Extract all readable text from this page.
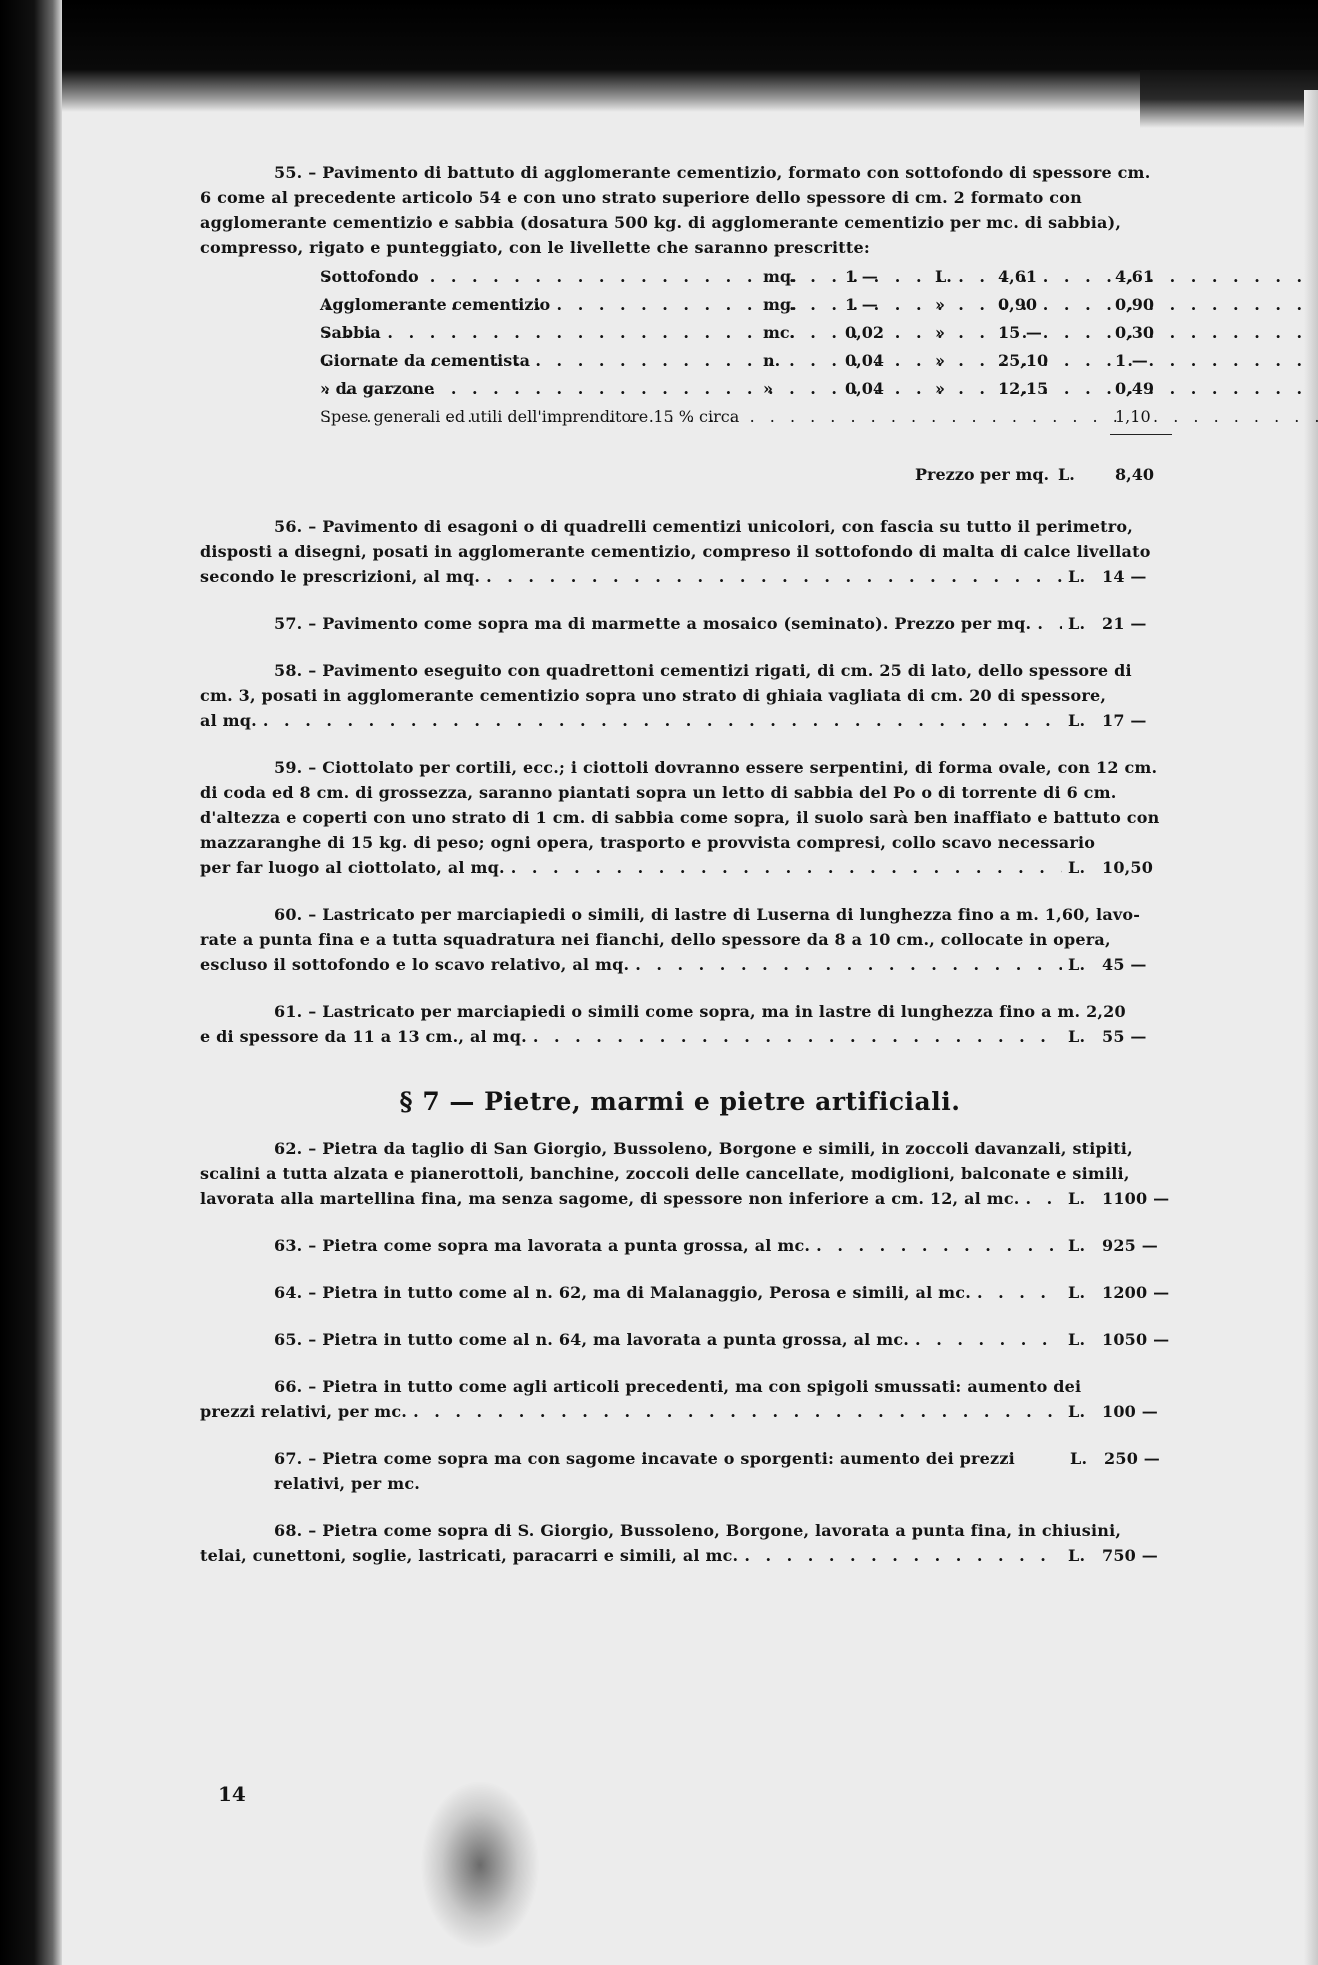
55. – Pavimento di battuto di agglomerante cementizio, formato con sottofondo di spessore cm. 6 come al precedente articolo 54 e con uno strato superiore dello spessore di cm. 2 formato con agglomerante cementizio e sabbia (dosatura 500 kg. di agglomerante cementizio per mc. di sabbia), compresso, rigato e punteggiato, con le livellette che saranno prescritte:

Sottofondo . . .	mq.	1 —	L.	4,61	4,61
Agglomerante cementizio . . .	mg.	1 —	»	0,90	0,90
Sabbia . . .	mc.	0,02	»	15 —	0,30
Giornate da cementista . . .	n.	0,04	»	25,10	1 —
» da garzone . . .	»	0,04	»	12,15	0,49
Spese generali ed utili dell'imprenditore 15 % circa . . .	1,10
Prezzo per mq. L.	8,40

56. – Pavimento di esagoni o di quadrelli cementizi unicolori, con fascia su tutto il perimetro, disposti a disegni, posati in agglomerante cementizio, compreso il sottofondo di malta di calce livellato
secondo le prescrizioni, al mq. . . .	L. 14 —

57. – Pavimento come sopra ma di marmette a mosaico (seminato). Prezzo per mq. . . . L. 21 —

58. – Pavimento eseguito con quadrettoni cementizi rigati, di cm. 25 di lato, dello spessore di cm. 3, posati in agglomerante cementizio sopra uno strato di ghiaia vagliata di cm. 20 di spessore,
al mq. . . .	L. 17 —

59. – Ciottolato per cortili, ecc.; i ciottoli dovranno essere serpentini, di forma ovale, con 12 cm. di coda ed 8 cm. di grossezza, saranno piantati sopra un letto di sabbia del Po o di torrente di 6 cm. d'altezza e coperti con uno strato di 1 cm. di sabbia come sopra, il suolo sarà ben inaffiato e battuto con mazzaranghe di 15 kg. di peso; ogni opera, trasporto e provvista compresi, collo scavo necessario
per far luogo al ciottolato, al mq. . . .	L. 10,50

60. – Lastricato per marciapiedi o simili, di lastre di Luserna di lunghezza fino a m. 1,60, lavo- rate a punta fina e a tutta squadratura nei fianchi, dello spessore da 8 a 10 cm., collocate in opera,
escluso il sottofondo e lo scavo relativo, al mq. . . .	L. 45 —

61. – Lastricato per marciapiedi o simili come sopra, ma in lastre di lunghezza fino a m. 2,20
e di spessore da 11 a 13 cm., al mq. . . .	L. 55 —

§ 7 — Pietre, marmi e pietre artificiali.

62. – Pietra da taglio di San Giorgio, Bussoleno, Borgone e simili, in zoccoli davanzali, stipiti, scalini a tutta alzata e pianerottoli, banchine, zoccoli delle cancellate, modiglioni, balconate e simili,
lavorata alla martellina fina, ma senza sagome, di spessore non inferiore a cm. 12, al mc. . . .	L. 1100 —

63. – Pietra come sopra ma lavorata a punta grossa, al mc. . . .	L. 925 —

64. – Pietra in tutto come al n. 62, ma di Malanaggio, Perosa e simili, al mc. . . .	L. 1200 —

65. – Pietra in tutto come al n. 64, ma lavorata a punta grossa, al mc. . . .	L. 1050 —

66. – Pietra in tutto come agli articoli precedenti, ma con spigoli smussati: aumento dei
prezzi relativi, per mc. . . .	L. 100 —

67. – Pietra come sopra ma con sagome incavate o sporgenti: aumento dei prezzi relativi, per mc.
L. 250 —

68. – Pietra come sopra di S. Giorgio, Bussoleno, Borgone, lavorata a punta fina, in chiusini,
telai, cunettoni, soglie, lastricati, paracarri e simili, al mc. . . .	L. 750 —

14
